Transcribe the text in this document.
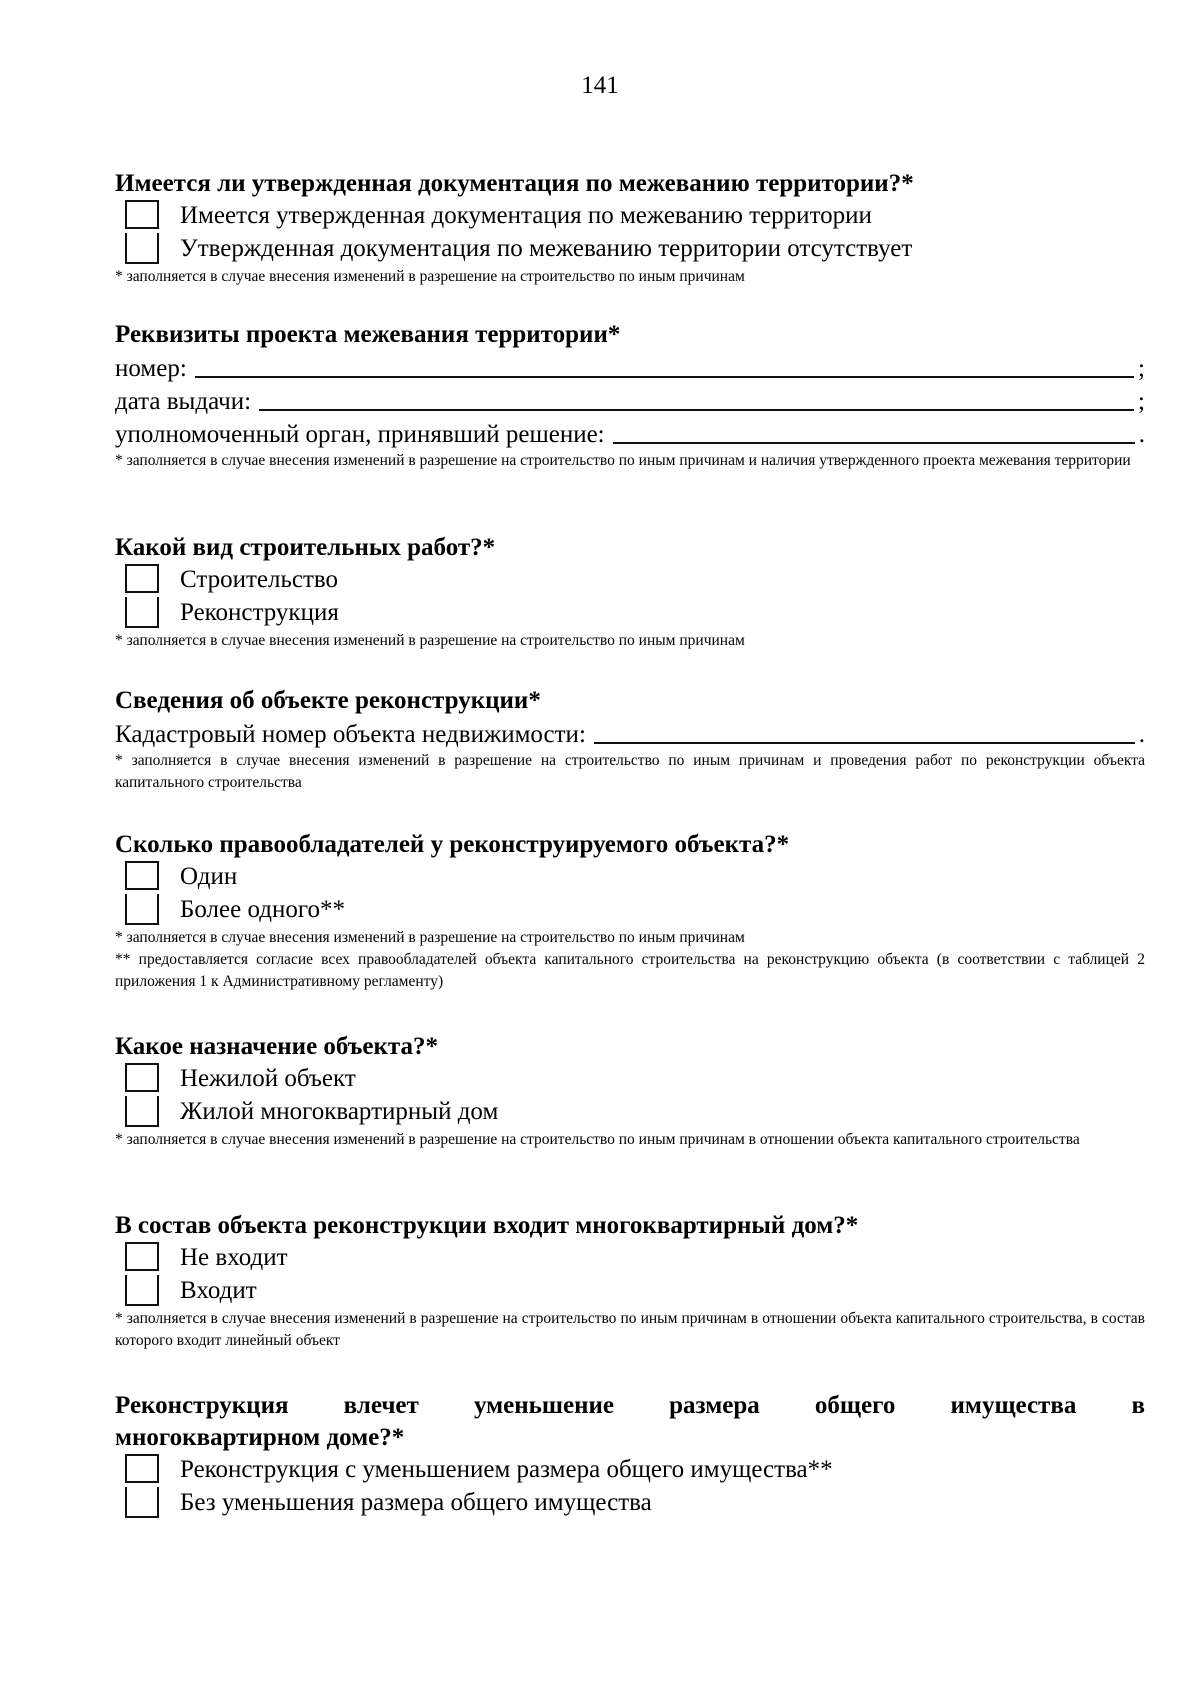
141
Имеется ли утвержденная документация по межеванию территории?*
Имеется утвержденная документация по межеванию территории
Утвержденная документация по межеванию территории отсутствует
* заполняется в случае внесения изменений в разрешение на строительство по иным причинам
Реквизиты проекта межевания территории*
номер:	;
дата выдачи:	;
уполномоченный орган, принявший решение:	.
* заполняется в случае внесения изменений в разрешение на строительство по иным причинам и наличия утвержденного проекта межевания территории
Какой вид строительных работ?*
Строительство
Реконструкция
* заполняется в случае внесения изменений в разрешение на строительство по иным причинам
Сведения об объекте реконструкции*
Кадастровый номер объекта недвижимости:	.
* заполняется в случае внесения изменений в разрешение на строительство по иным причинам и проведения работ по реконструкции объекта капитального строительства
Сколько правообладателей у реконструируемого объекта?*
Один
Более одного**
* заполняется в случае внесения изменений в разрешение на строительство по иным причинам
** предоставляется согласие всех правообладателей объекта капитального строительства на реконструкцию объекта (в соответствии с таблицей 2 приложения 1 к Административному регламенту)
Какое назначение объекта?*
Нежилой объект
Жилой многоквартирный дом
* заполняется в случае внесения изменений в разрешение на строительство по иным причинам в отношении объекта капитального строительства
В состав объекта реконструкции входит многоквартирный дом?*
Не входит
Входит
* заполняется в случае внесения изменений в разрешение на строительство по иным причинам в отношении объекта капитального строительства, в состав которого входит линейный объект
Реконструкция влечет уменьшение размера общего имущества в
многоквартирном доме?*
Реконструкция с уменьшением размера общего имущества**
Без уменьшения размера общего имущества
